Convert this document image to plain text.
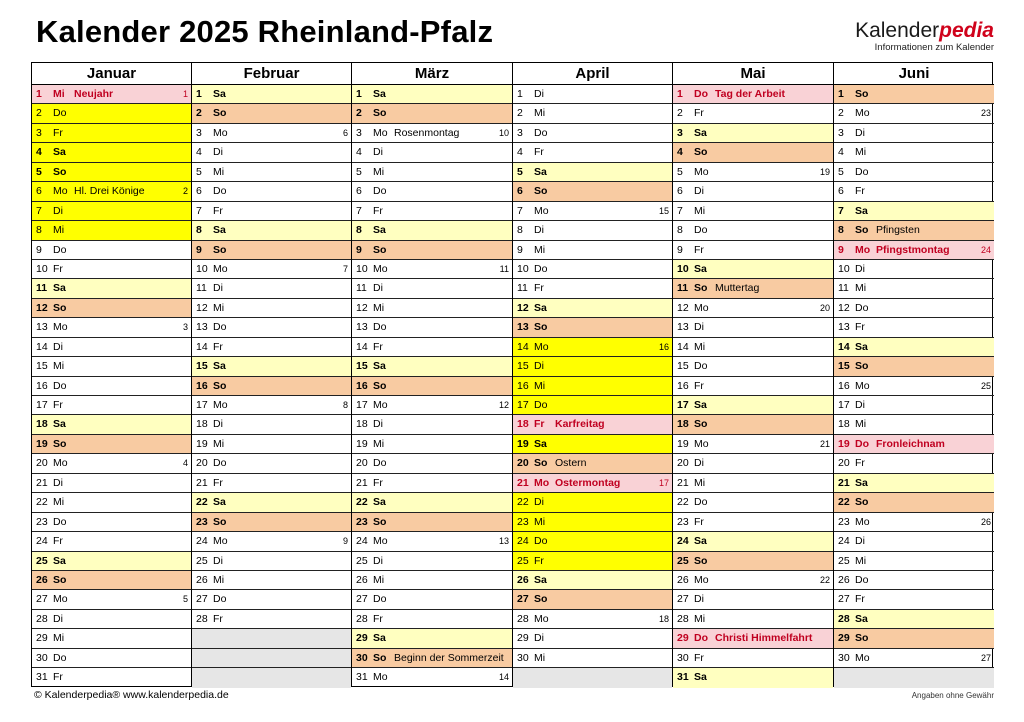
Kalender 2025 Rheinland-Pfalz	Kalenderpedia
Informationen zum Kalender
Januar
1 Mi Neujahr	1
2 Do
3 Fr
4 Sa
5 So
6 Mo Hl. Drei Könige	2
7 Di
8 Mi
9 Do
10 Fr
11 Sa
12 So
13 Mo	3
14 Di
15 Mi
16 Do
17 Fr
18 Sa
19 So
20 Mo	4
21 Di
22 Mi
23 Do
24 Fr
25 Sa
26 So
27 Mo	5
28 Di
29 Mi
30 Do
31 Fr
Februar
1 Sa
2 So
3 Mo	6
4 Di
5 Mi
6 Do
7 Fr
8 Sa
9 So
10 Mo	7
11 Di
12 Mi
13 Do
14 Fr
15 Sa
16 So
17 Mo	8
18 Di
19 Mi
20 Do
21 Fr
22 Sa
23 So
24 Mo	9
25 Di
26 Mi
27 Do
28 Fr
März
1 Sa
2 So
3 Mo Rosenmontag	10
4 Di
5 Mi
6 Do
7 Fr
8 Sa
9 So
10 Mo	11
11 Di
12 Mi
13 Do
14 Fr
15 Sa
16 So
17 Mo	12
18 Di
19 Mi
20 Do
21 Fr
22 Sa
23 So
24 Mo	13
25 Di
26 Mi
27 Do
28 Fr
29 Sa
30 So Beginn der Sommerzeit
31 Mo	14
April
1 Di
2 Mi
3 Do
4 Fr
5 Sa
6 So
7 Mo	15
8 Di
9 Mi
10 Do
11 Fr
12 Sa
13 So
14 Mo	16
15 Di
16 Mi
17 Do
18 Fr Karfreitag
19 Sa
20 So Ostern
21 Mo Ostermontag	17
22 Di
23 Mi
24 Do
25 Fr
26 Sa
27 So
28 Mo	18
29 Di
30 Mi
Mai
1 Do Tag der Arbeit
2 Fr
3 Sa
4 So
5 Mo	19
6 Di
7 Mi
8 Do
9 Fr
10 Sa
11 So Muttertag
12 Mo	20
13 Di
14 Mi
15 Do
16 Fr
17 Sa
18 So
19 Mo	21
20 Di
21 Mi
22 Do
23 Fr
24 Sa
25 So
26 Mo	22
27 Di
28 Mi
29 Do Christi Himmelfahrt
30 Fr
31 Sa
Juni
1 So
2 Mo	23
3 Di
4 Mi
5 Do
6 Fr
7 Sa
8 So Pfingsten
9 Mo Pfingstmontag	24
10 Di
11 Mi
12 Do
13 Fr
14 Sa
15 So
16 Mo	25
17 Di
18 Mi
19 Do Fronleichnam
20 Fr
21 Sa
22 So
23 Mo	26
24 Di
25 Mi
26 Do
27 Fr
28 Sa
29 So
30 Mo	27
© Kalenderpedia® www.kalenderpedia.de	Angaben ohne Gewähr
